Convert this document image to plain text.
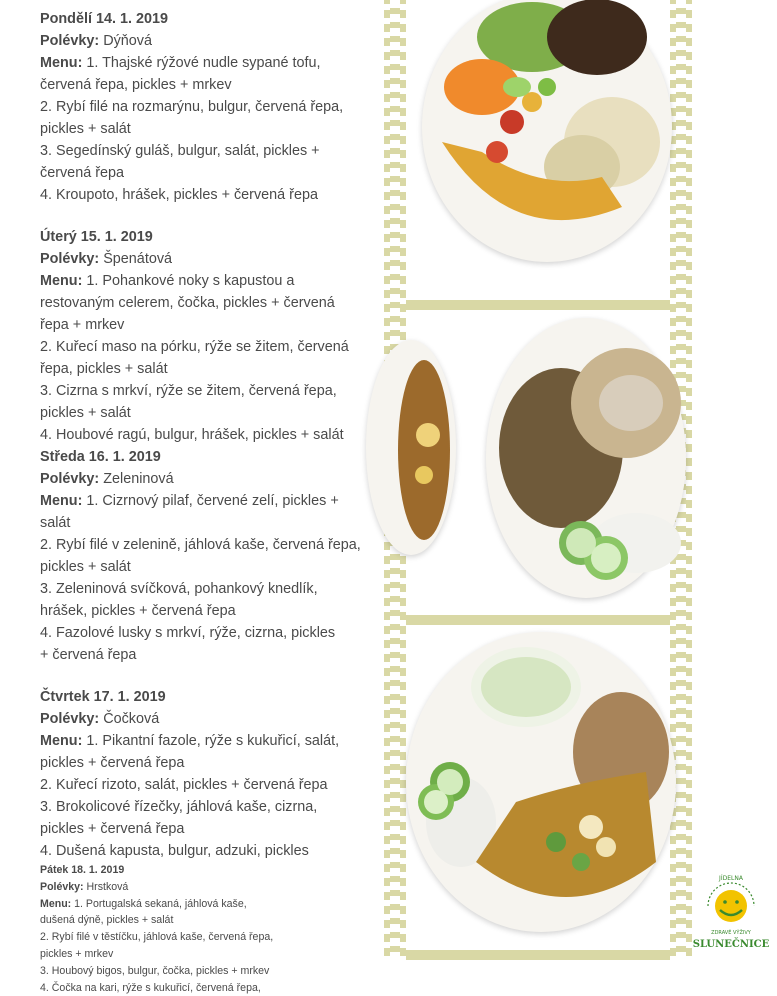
Pondělí 14. 1. 2019
Polévky: Dýňová
Menu: 1. Thajské rýžové nudle sypané tofu,
červená řepa, pickles + mrkev
2. Rybí filé na rozmarýnu, bulgur, červená řepa,
pickles + salát
3. Segedínský guláš, bulgur, salát, pickles +
červená řepa
4. Kroupoto, hrášek, pickles + červená řepa
Úterý 15. 1. 2019
Polévky: Špenátová
Menu: 1. Pohankové noky s kapustou a
restovaným celerem, čočka, pickles + červená
řepa + mrkev
2. Kuřecí maso na pórku, rýže se žitem, červená
řepa, pickles + salát
3. Cizrna s mrkví, rýže se žitem, červená řepa,
pickles + salát
4. Houbové ragú, bulgur, hrášek, pickles + salát
Středa 16. 1. 2019
Polévky: Zeleninová
Menu: 1. Cizrnový pilaf, červené zelí, pickles +
salát
2. Rybí filé v zelenině, jáhlová kaše, červená řepa,
pickles + salát
3. Zeleninová svíčková, pohankový knedlík,
hrášek, pickles + červená řepa
4. Fazolové lusky s mrkví, rýže, cizrna, pickles
+ červená řepa
Čtvrtek 17. 1. 2019
Polévky: Čočková
Menu: 1. Pikantní fazole, rýže s kukuřicí, salát,
pickles + červená řepa
2. Kuřecí rizoto, salát, pickles + červená řepa
3. Brokolicové řízečky, jáhlová kaše, cizrna,
pickles + červená řepa
4. Dušená kapusta, bulgur, adzuki, pickles
Pátek 18. 1. 2019
Polévky: Hrstková
Menu: 1. Portugalská sekaná, jáhlová kaše,
dušená dýně, pickles + salát
2. Rybí filé v těstíčku, jáhlová kaše, červená řepa,
pickles + mrkev
3. Houbový bigos, bulgur, čočka, pickles + mrkev
4. Čočka na kari, rýže s kukuřicí, červená řepa,
JÍDELNA
ZDRAVÉ VÝŽIVY
SLUNEČNICE
